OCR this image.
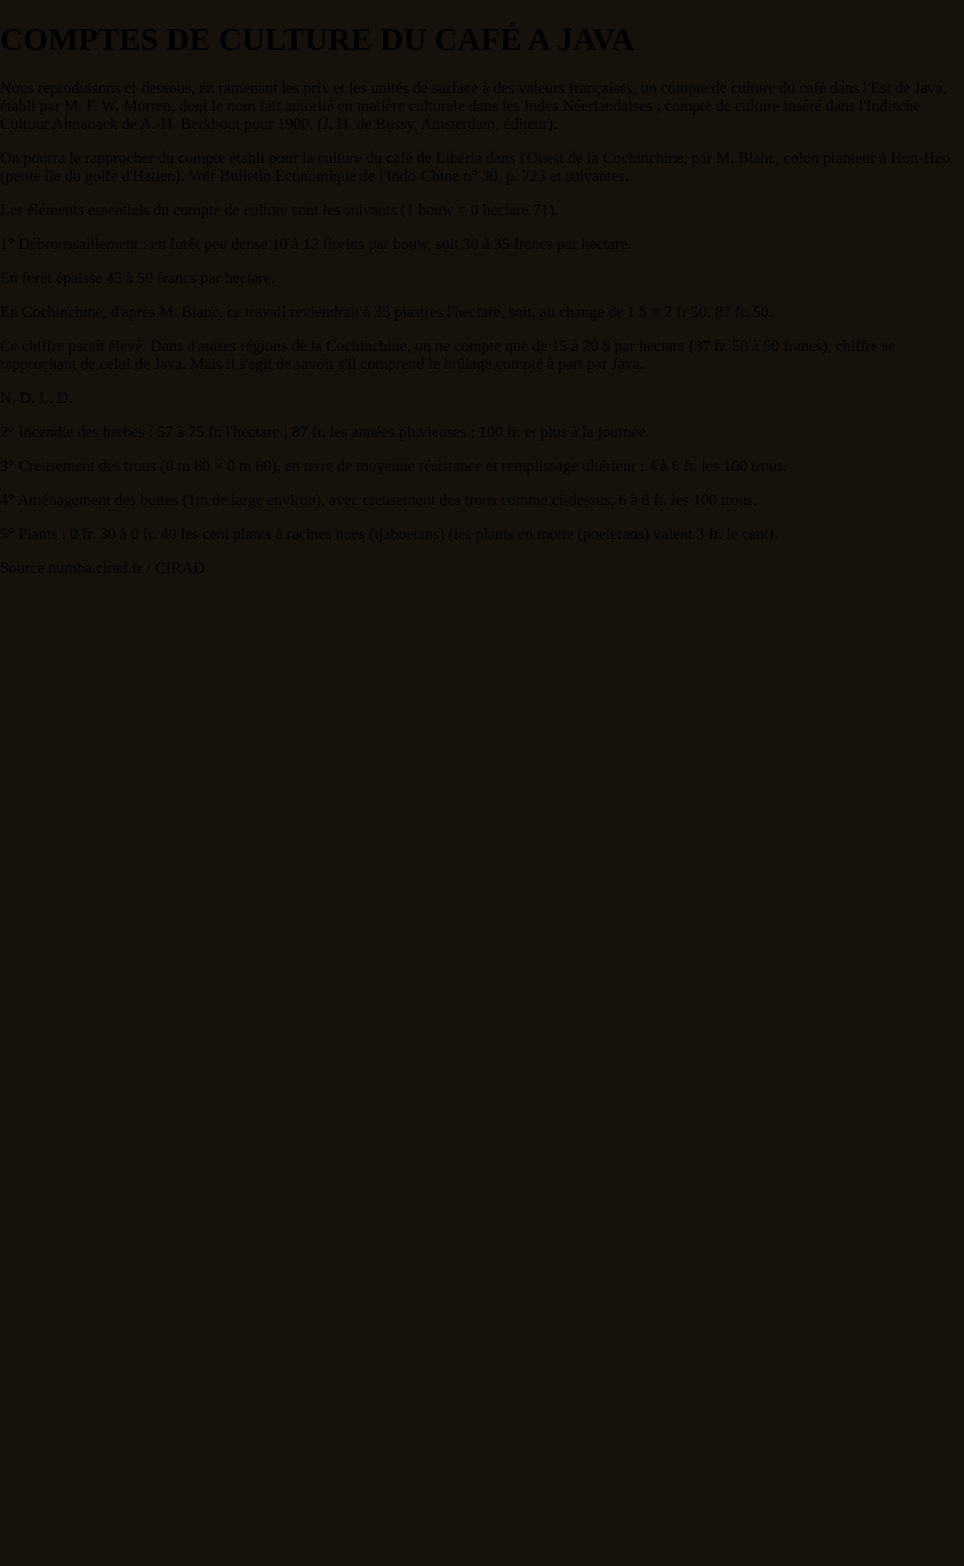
COMPTES DE CULTURE DU CAFÉ A JAVA

Nous reproduisons ci-dessous, en ramenant les prix et les unités de surface à des valeurs françaises, un compte de culture du café dans l'Est de Java, établi par M. F. W. Morren, dont le nom fait autorité en matière culturale dans les Indes Néerlandaises ; compte de culture inséré dans l'Indische Cultuur Almanack de A.-H. Berkhout pour 1900. (J. H. de Bussy, Amsterdam, éditeur).

On pourra le rapprocher du compte établi pour la culture du café de Libéria dans l'Ouest de la Cochinchine, par M. Blanc, colon planteur à Hon-Héo (petite île du golfe d'Hatien). Voir Bulletin Economique de l'Indo-Chine n° 30, p. 723 et suivantes.

Les éléments essentiels du compte de culture sont les suivants (1 bouw = 0 hectare 71).

1° Débroussaillement : en forêt peu dense 10 à 12 florins par bouw, soit 30 à 35 francs par hectare.

En forêt épaisse 45 à 50 francs par hectare.

En Cochinchine, d'après M. Blanc, ce travail reviendrait à 35 piastres l'hectare, soit, au change de 1 $ = 2 fr 50, 87 fr. 50.

Ce chiffre paraît élevé. Dans d'autres régions de la Cochinchine, on ne compte que de 15 à 20 $ par hectare (37 fr. 50 à 50 francs), chiffre se rapprochant de celui de Java. Mais il s'agit de savoir s'il comprend le brûlage compté à part par Java.

N. D. L. D.

2° Incendie des herbes : 57 à 75 fr. l'hectare ; 87 fr. les années pluvieuses ; 100 fr. et plus à la journée.

3° Creusement des trous (0 m 60 × 0 m 60), en terre de moyenne résistance et remplissage ultérieur : 4 à 6 fr. les 100 trous.

4° Aménagement des buttes (1m de large environ), avec creusement des trous comme ci-dessus, 6 à 8 fr. les 100 trous.

5° Plants : 0 fr. 30 à 0 fr. 40 les cent plants à racines nues (tjaboetans) (les plants en motte (poeterans) valent 3 fr. le cent).

Source numba.cirad.fr / CIRAD
